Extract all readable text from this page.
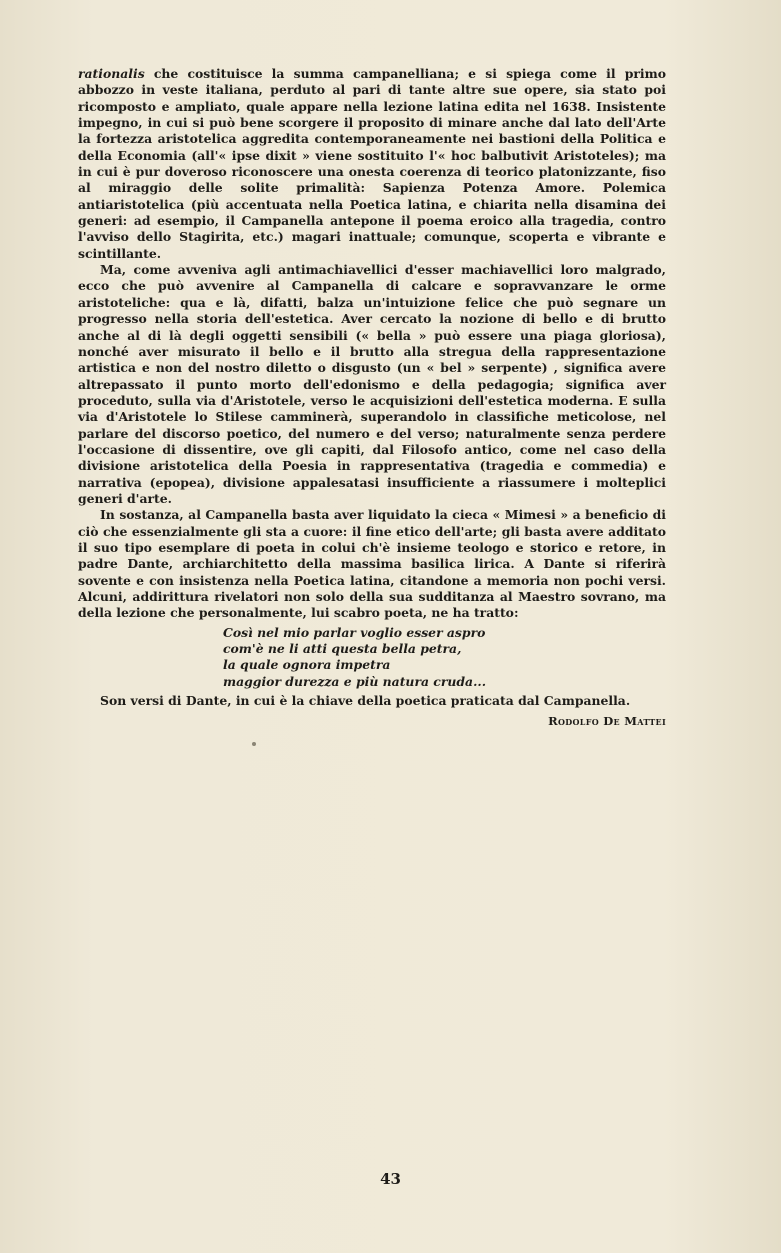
rationalis che costituisce la summa campanelliana; e si spiega come il primo abbozzo in veste italiana, perduto al pari di tante altre sue opere, sia stato poi ricomposto e ampliato, quale appare nella lezione latina edita nel 1638. Insistente impegno, in cui si può bene scorgere il proposito di minare anche dal lato dell'Arte la fortezza aristotelica aggredita contemporaneamente nei bastioni della Politica e della Economia (all'« ipse dixit » viene sostituito l'« hoc balbutivit Aristoteles); ma in cui è pur doveroso riconoscere una onesta coerenza di teorico platonizzante, fiso al miraggio delle solite primalità: Sapienza Potenza Amore. Polemica antiaristotelica (più accentuata nella Poetica latina, e chiarita nella disamina dei generi: ad esempio, il Campanella antepone il poema eroico alla tragedia, contro l'avviso dello Stagirita, etc.) magari inattuale; comunque, scoperta e vibrante e scintillante.

Ma, come avveniva agli antimachiavellici d'esser machiavellici loro malgrado, ecco che può avvenire al Campanella di calcare e sopravvanzare le orme aristoteliche: qua e là, difatti, balza un'intuizione felice che può segnare un progresso nella storia dell'estetica. Aver cercato la nozione di bello e di brutto anche al di là degli oggetti sensibili (« bella » può essere una piaga gloriosa), nonché aver misurato il bello e il brutto alla stregua della rappresentazione artistica e non del nostro diletto o disgusto (un « bel » serpente) , significa avere altrepassato il punto morto dell'edonismo e della pedagogia; significa aver proceduto, sulla via d'Aristotele, verso le acquisizioni dell'estetica moderna. E sulla via d'Aristotele lo Stilese camminerà, superandolo in classifiche meticolose, nel parlare del discorso poetico, del numero e del verso; naturalmente senza perdere l'occasione di dissentire, ove gli capiti, dal Filosofo antico, come nel caso della divisione aristotelica della Poesia in rappresentativa (tragedia e commedia) e narrativa (epopea), divisione appalesatasi insufficiente a riassumere i molteplici generi d'arte.

In sostanza, al Campanella basta aver liquidato la cieca « Mimesi » a beneficio di ciò che essenzialmente gli sta a cuore: il fine etico dell'arte; gli basta avere additato il suo tipo esemplare di poeta in colui ch'è insieme teologo e storico e retore, in padre Dante, archiarchitetto della massima basilica lirica. A Dante si riferirà sovente e con insistenza nella Poetica latina, citandone a memoria non pochi versi. Alcuni, addirittura rivelatori non solo della sua sudditanza al Maestro sovrano, ma della lezione che personalmente, lui scabro poeta, ne ha tratto:

Così nel mio parlar voglio esser aspro
com'è ne li atti questa bella petra,
la quale ognora impetra
maggior durezza e più natura cruda...

Son versi di Dante, in cui è la chiave della poetica praticata dal Campanella.

Rodolfo De Mattei
43
